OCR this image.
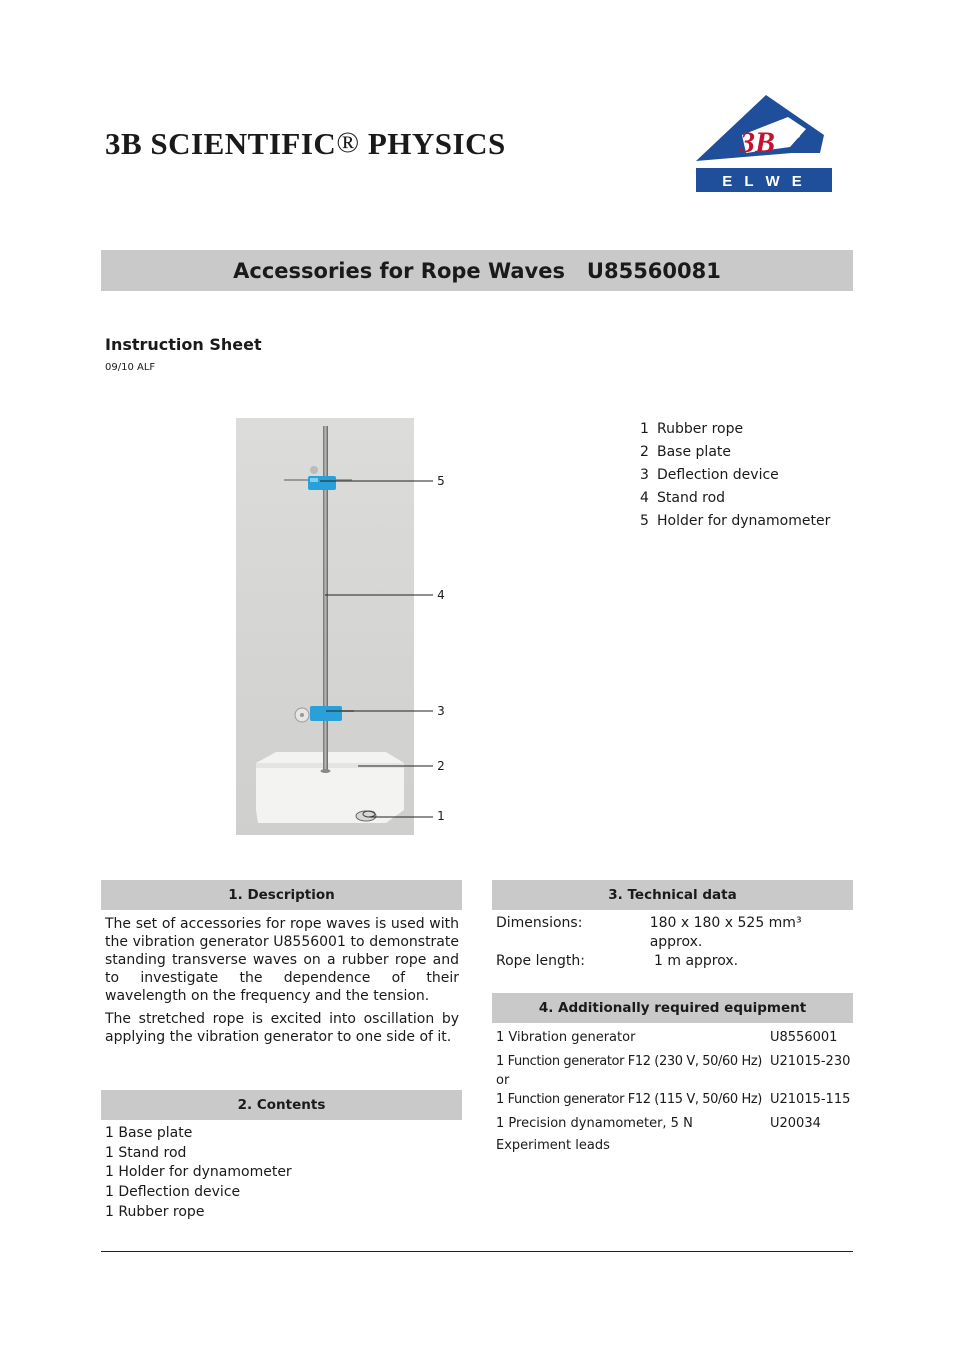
3B SCIENTIFIC® PHYSICS	3B	®
E L W E
Accessories for Rope Waves
U85560081
Instruction Sheet
09/10 ALF
5
4
3
2
1
1 Rubber rope
2 Base plate
3 Deflection device
4 Stand rod
5 Holder for dynamometer
1. Description
The set of accessories for rope waves is used with the vibration generator U8556001 to demonstrate standing transverse waves on a rubber rope and to investigate the dependence of their wavelength on the frequency and the tension.
The stretched rope is excited into oscillation by applying the vibration generator to one side of it.
2. Contents
1 Base plate
1 Stand rod
1 Holder for dynamometer
1 Deflection device
1 Rubber rope
3. Technical data
Dimensions:	180 x 180 x 525 mm³ approx.
Rope length:	1 m approx.
4. Additionally required equipment
1 Vibration generator	U8556001
1 Function generator F12 (230 V, 50/60 Hz) U21015-230
or
1 Function generator F12 (115 V, 50/60 Hz) U21015-115
1 Precision dynamometer, 5 N	U20034
Experiment leads
